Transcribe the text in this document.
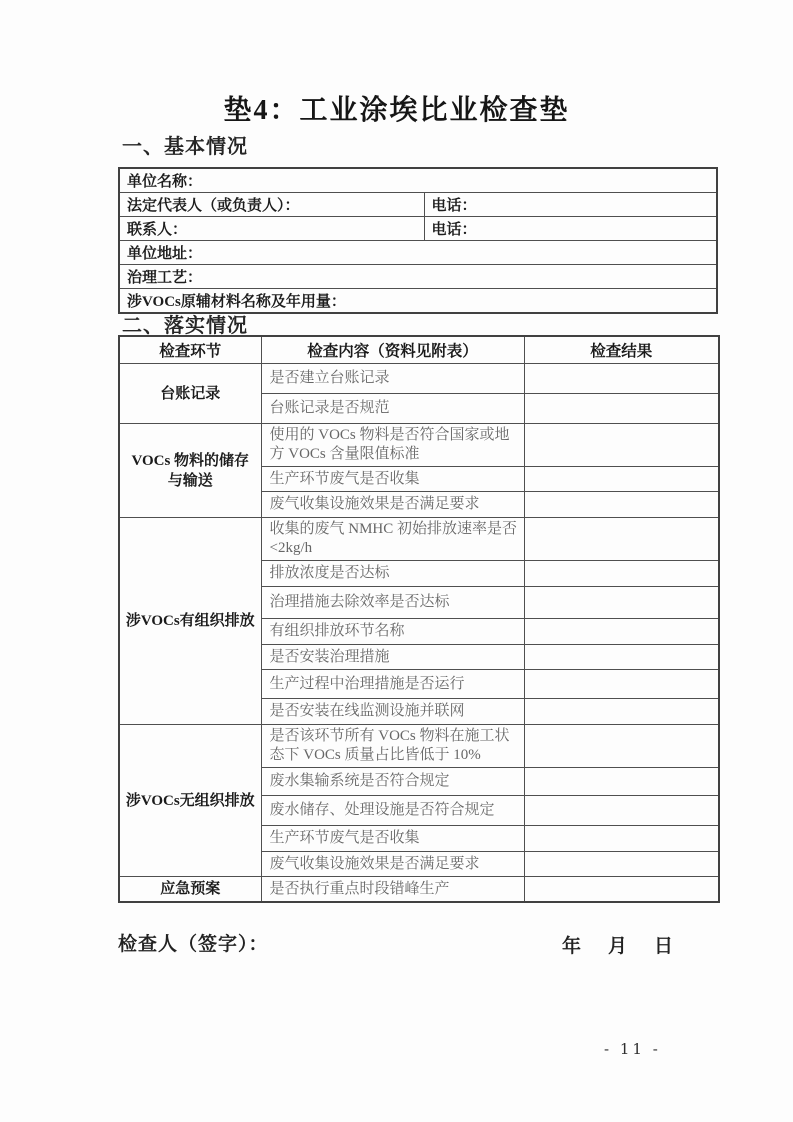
垫4：工业涂埃比业检查垫
一、基本情况
单位名称：	
法定代表人（或负责人）：	电话：
联系人：	电话：
单位地址：	
治理工艺：	
涉VOCs原辅材料名称及年用量：	
二、落实情况
检查环节	检查内容（资料见附表）	检查结果
台账记录	是否建立台账记录	
	台账记录是否规范	
VOCs 物料的储存与输送	使用的 VOCs 物料是否符合国家或地方 VOCs 含量限值标准	
	生产环节废气是否收集	
	废气收集设施效果是否满足要求	
涉VOCs有组织排放	收集的废气 NMHC 初始排放速率是否<2kg/h	
	排放浓度是否达标	
	治理措施去除效率是否达标	
	有组织排放环节名称	
	是否安装治理措施	
	生产过程中治理措施是否运行	
	是否安装在线监测设施并联网	
涉VOCs无组织排放	是否该环节所有 VOCs 物料在施工状态下 VOCs 质量占比皆低于 10%	
	废水集输系统是否符合规定	
	废水储存、处理设施是否符合规定	
	生产环节废气是否收集	
	废气收集设施效果是否满足要求	
应急预案	是否执行重点时段错峰生产	
检查人（签字）：	年 月 日
- 11 -
